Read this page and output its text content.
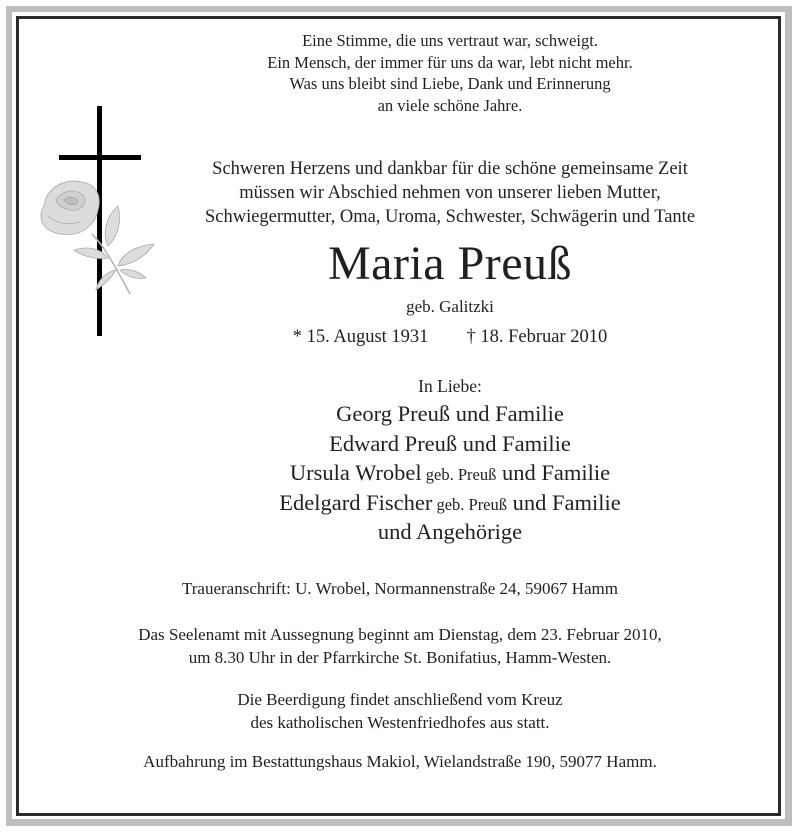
Eine Stimme, die uns vertraut war, schweigt.
Ein Mensch, der immer für uns da war, lebt nicht mehr.
Was uns bleibt sind Liebe, Dank und Erinnerung
an viele schöne Jahre.
Schweren Herzens und dankbar für die schöne gemeinsame Zeit
müssen wir Abschied nehmen von unserer lieben Mutter,
Schwiegermutter, Oma, Uroma, Schwester, Schwägerin und Tante
Maria Preuß
geb. Galitzki
* 15. August 1931 † 18. Februar 2010
In Liebe:
Georg Preuß und Familie
Edward Preuß und Familie
Ursula Wrobel geb. Preuß und Familie
Edelgard Fischer geb. Preuß und Familie
und Angehörige
Traueranschrift: U. Wrobel, Normannenstraße 24, 59067 Hamm
Das Seelenamt mit Aussegnung beginnt am Dienstag, dem 23. Februar 2010,
um 8.30 Uhr in der Pfarrkirche St. Bonifatius, Hamm-Westen.
Die Beerdigung findet anschließend vom Kreuz
des katholischen Westenfriedhofes aus statt.
Aufbahrung im Bestattungshaus Makiol, Wielandstraße 190, 59077 Hamm.
